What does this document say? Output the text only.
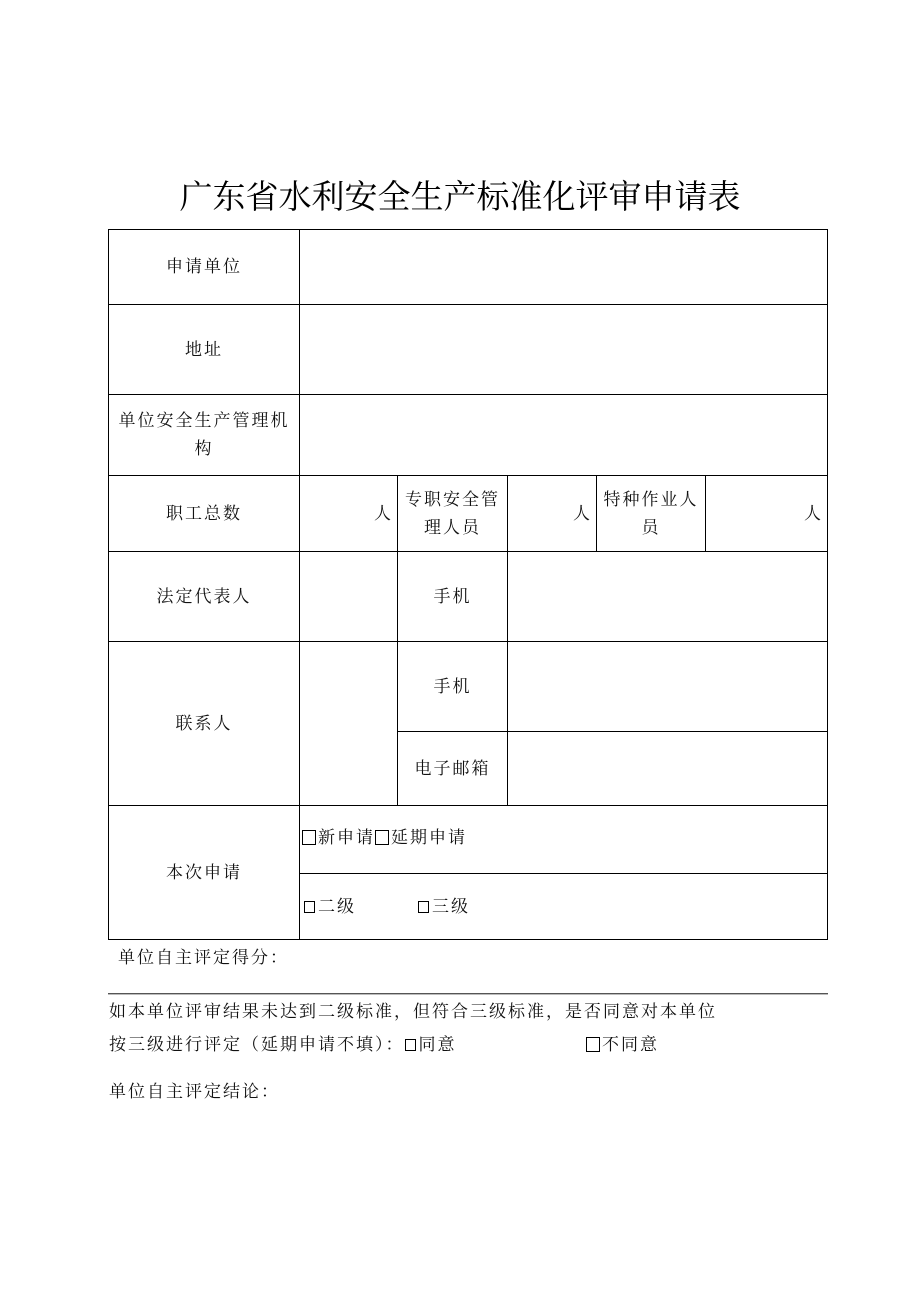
广东省水利安全生产标准化评审申请表
申请单位					
地址					
单位安全生产管理机构					
职工总数	人	专职安全管理人员	人	特种作业人员	人
法定代表人		手机			
联系人		手机			
		电子邮箱			
本次申请	新申请 延期申请				
	二级 三级				
单位自主评定得分：
如本单位评审结果未达到二级标准，但符合三级标准，是否同意对本单位
按三级进行评定（延期申请不填）： 同意	不同意
单位自主评定结论：
